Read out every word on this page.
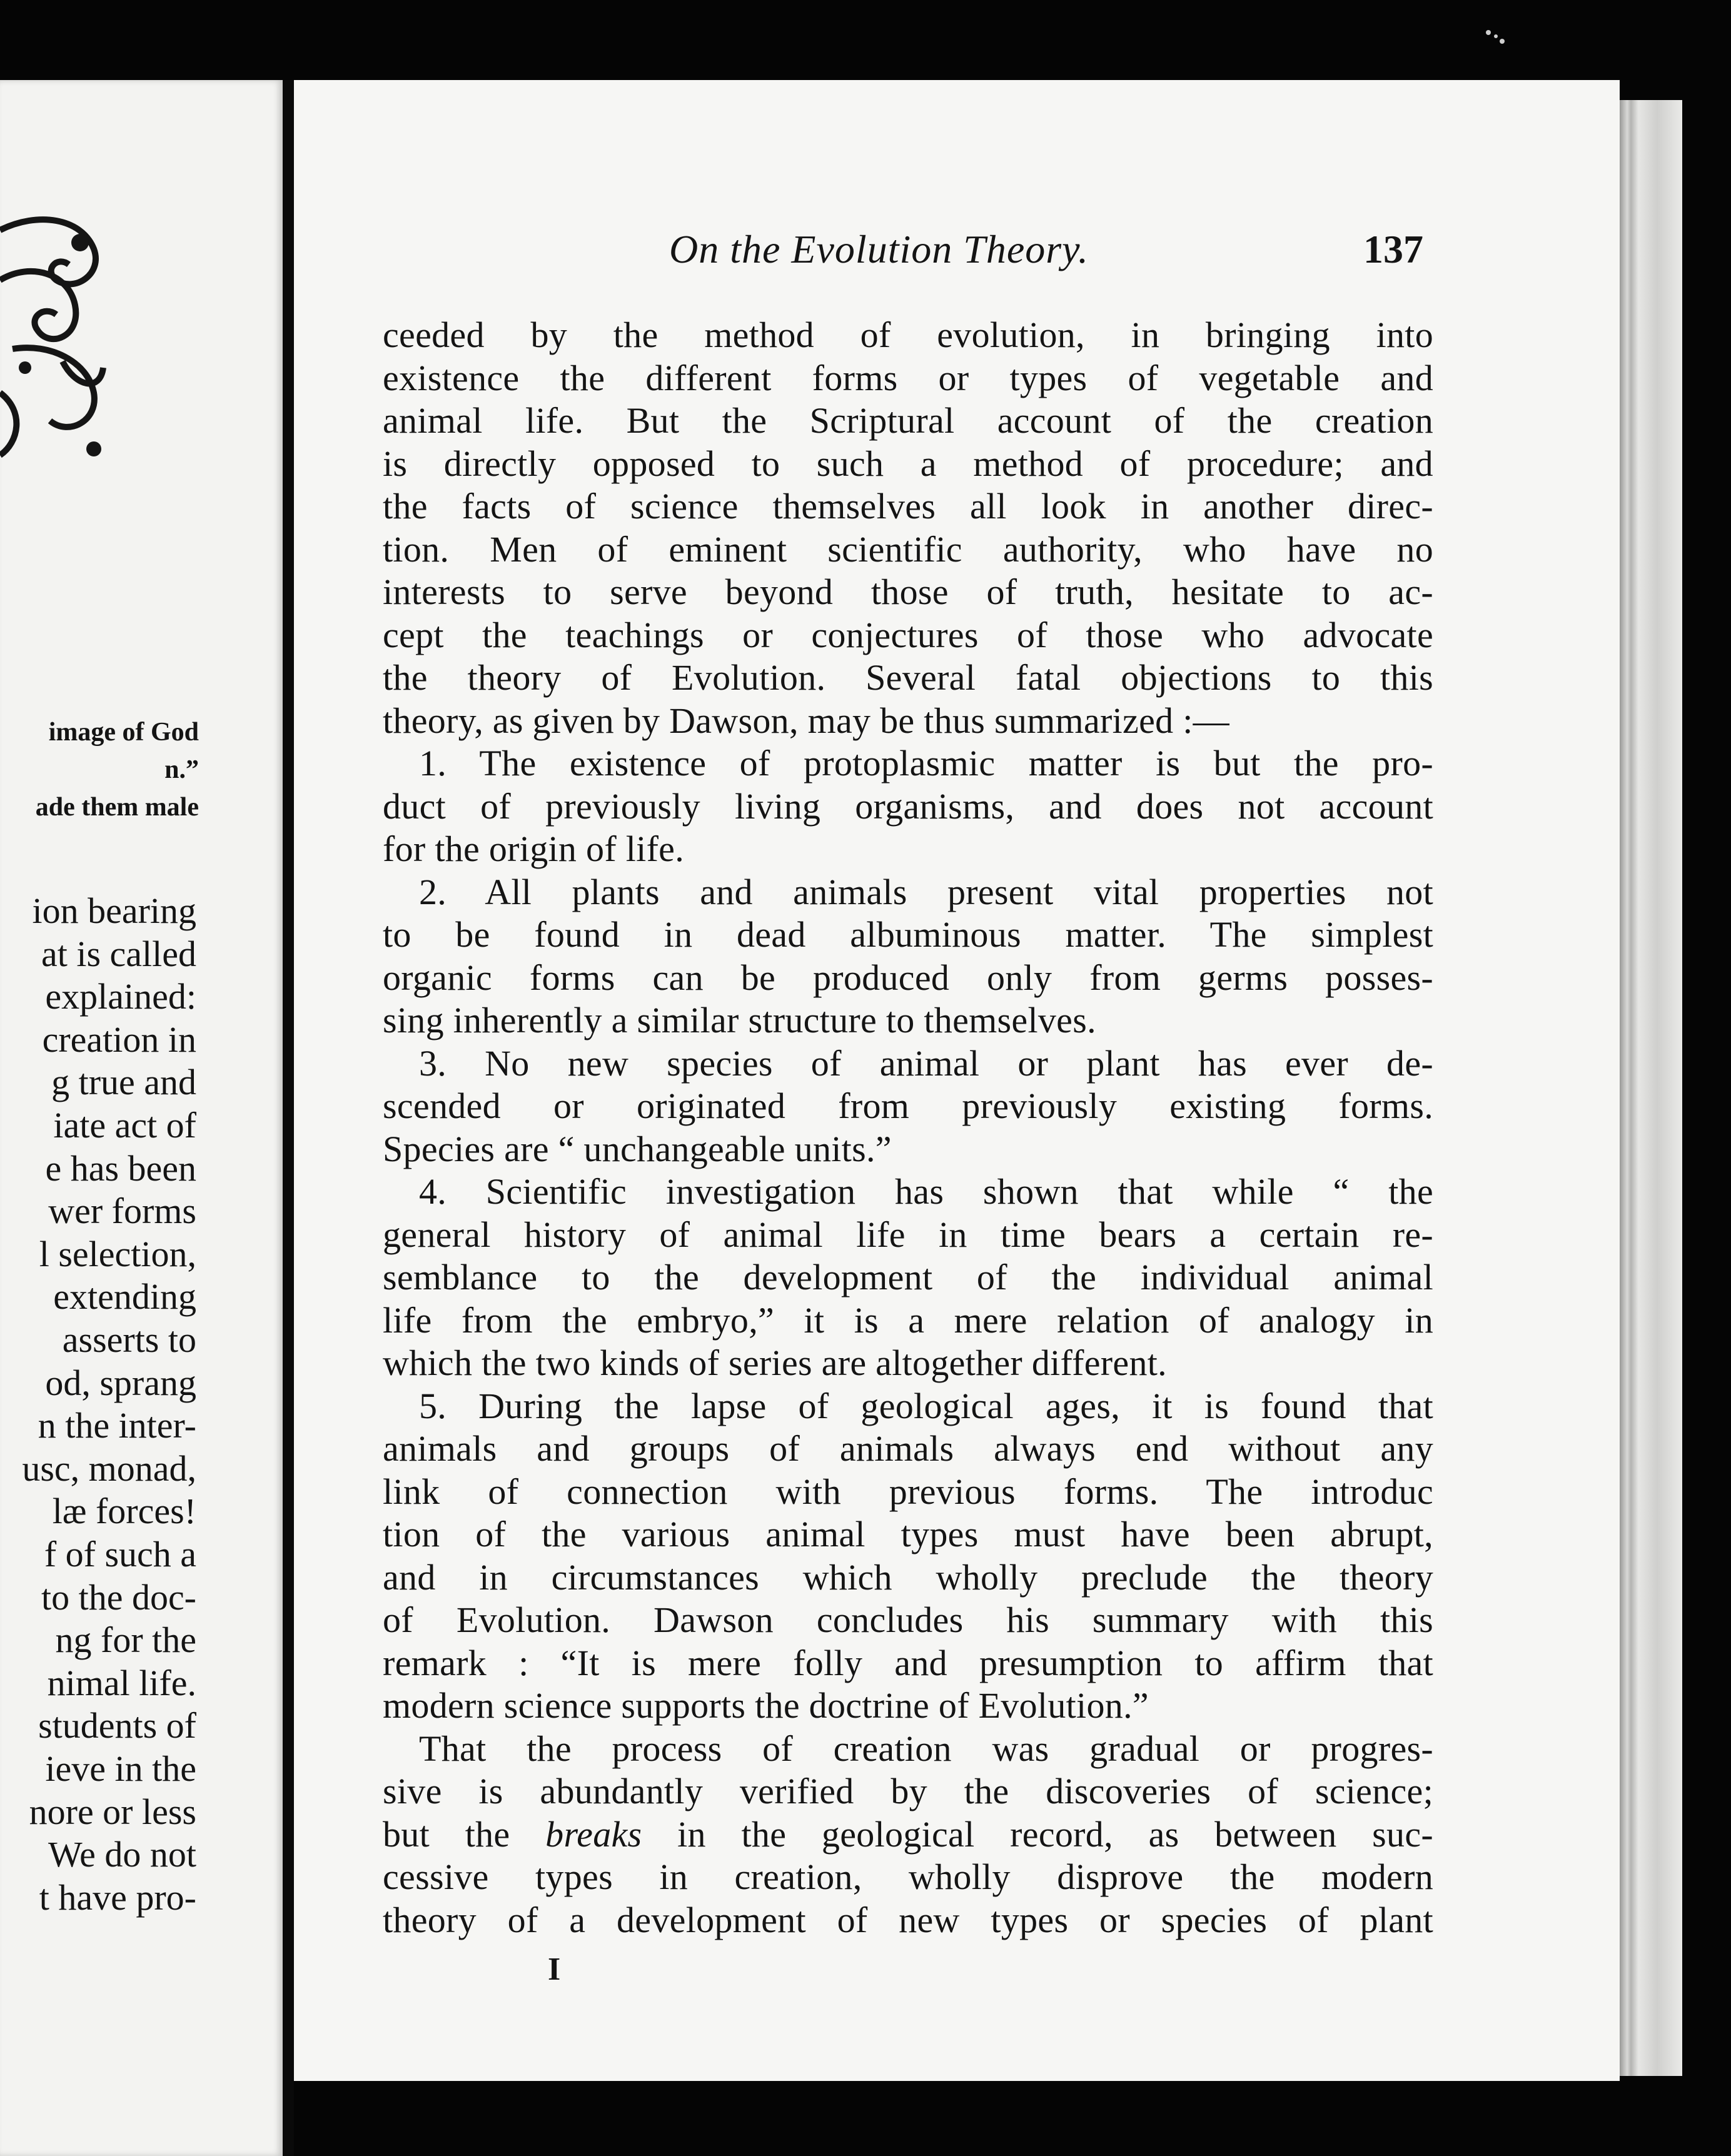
image of God
n.”
ade them male
ion bearing
at is called
explained:
creation in
g true and
iate act of
e has been
wer forms
l selection,
extending
asserts to
od, sprang
n the inter-
usc, monad,
læ forces!
f of such a
to the doc-
ng for the
nimal life.
students of
ieve in the
nore or less
We do not
t have pro-
On the Evolution Theory.	137
ceeded by the method of evolution, in bringing into
existence the different forms or types of vegetable and
animal life. But the Scriptural account of the creation
is directly opposed to such a method of procedure; and
the facts of science themselves all look in another direc-
tion. Men of eminent scientific authority, who have no
interests to serve beyond those of truth, hesitate to ac-
cept the teachings or conjectures of those who advocate
the theory of Evolution. Several fatal objections to this
theory, as given by Dawson, may be thus summarized :—
1. The existence of protoplasmic matter is but the pro-
duct of previously living organisms, and does not account
for the origin of life.
2. All plants and animals present vital properties not
to be found in dead albuminous matter. The simplest
organic forms can be produced only from germs posses-
sing inherently a similar structure to themselves.
3. No new species of animal or plant has ever de-
scended or originated from previously existing forms.
Species are “ unchangeable units.”
4. Scientific investigation has shown that while “ the
general history of animal life in time bears a certain re-
semblance to the development of the individual animal
life from the embryo,” it is a mere relation of analogy in
which the two kinds of series are altogether different.
5. During the lapse of geological ages, it is found that
animals and groups of animals always end without any
link of connection with previous forms. The introduc
tion of the various animal types must have been abrupt,
and in circumstances which wholly preclude the theory
of Evolution. Dawson concludes his summary with this
remark : “It is mere folly and presumption to affirm that
modern science supports the doctrine of Evolution.”
That the process of creation was gradual or progres-
sive is abundantly verified by the discoveries of science;
but the breaks in the geological record, as between suc-
cessive types in creation, wholly disprove the modern
theory of a development of new types or species of plant
I
